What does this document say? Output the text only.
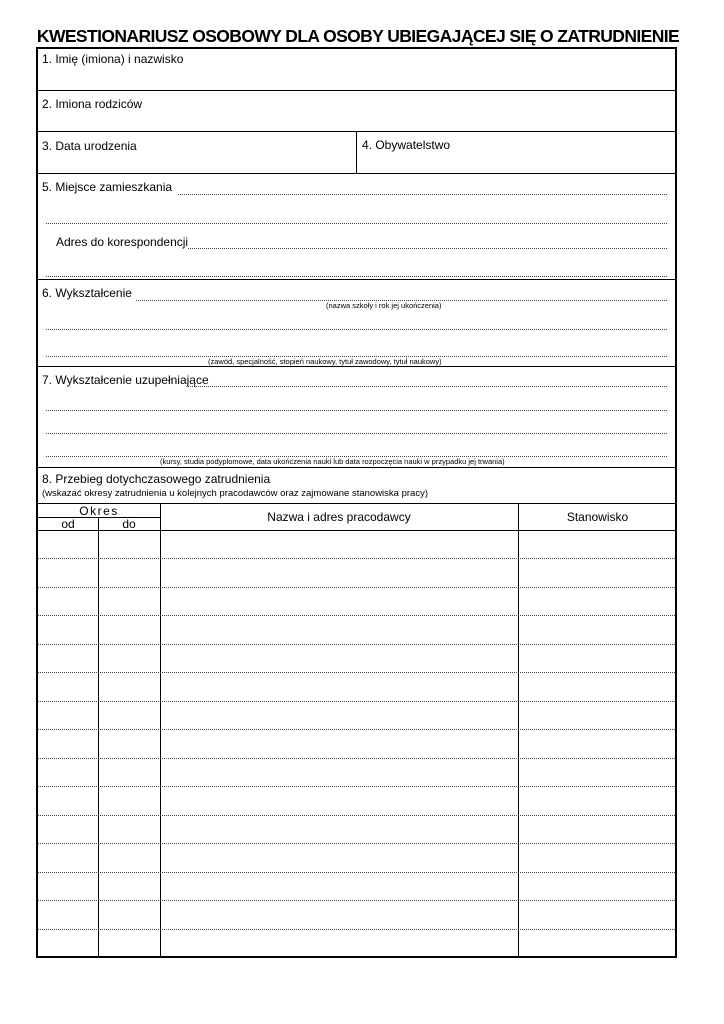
KWESTIONARIUSZ OSOBOWY DLA OSOBY UBIEGAJĄCEJ SIĘ O ZATRUDNIENIE
1. Imię (imiona) i nazwisko
2. Imiona rodziców
3. Data urodzenia	4. Obywatelstwo
5. Miejsce zamieszkania
Adres do korespondencji
6. Wykształcenie
(nazwa szkoły i rok jej ukończenia)
(zawód, specjalność, stopień naukowy, tytuł zawodowy, tytuł naukowy)
7. Wykształcenie uzupełniające
(kursy, studia podyplomowe, data ukończenia nauki lub data rozpoczęcia nauki w przypadku jej trwania)
8. Przebieg dotychczasowego zatrudnienia
(wskazać okresy zatrudnienia u kolejnych pracodawców oraz zajmowane stanowiska pracy)
Okres
od	do	Nazwa i adres pracodawcy	Stanowisko
